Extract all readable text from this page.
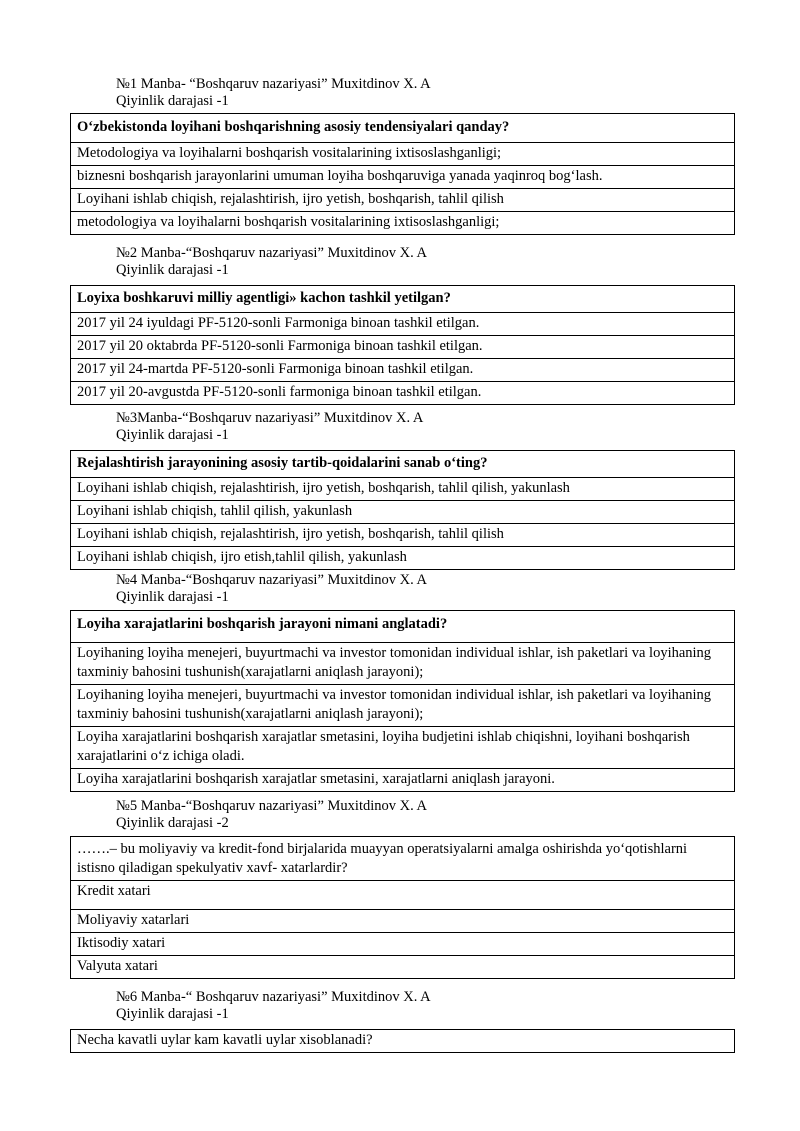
№1 Manba- “Boshqaruv nazariyasi” Muxitdinov X. A
Qiyinlik darajasi -1
O‘zbekistonda loyihani boshqarishning asosiy tendensiyalari qanday?
Metodologiya va loyihalarni boshqarish vositalarining ixtisoslashganligi;
biznesni boshqarish jarayonlarini umuman loyiha boshqaruviga yanada yaqinroq bog‘lash.
Loyihani ishlab chiqish, rejalashtirish, ijro yetish, boshqarish, tahlil qilish
metodologiya va loyihalarni boshqarish vositalarining ixtisoslashganligi;
№2 Manba-“Boshqaruv nazariyasi” Muxitdinov X. A
Qiyinlik darajasi -1
Loyixa boshkaruvi milliy agentligi» kachon tashkil yetilgan?
2017 yil 24 iyuldagi PF-5120-sonli Farmoniga binoan tashkil etilgan.
2017 yil 20 oktabrda PF-5120-sonli Farmoniga binoan tashkil etilgan.
2017 yil 24-martda PF-5120-sonli Farmoniga binoan tashkil etilgan.
2017 yil 20-avgustda PF-5120-sonli farmoniga binoan tashkil etilgan.
№3Manba-“Boshqaruv nazariyasi” Muxitdinov X. A
Qiyinlik darajasi -1
Rejalashtirish jarayonining asosiy tartib-qoidalarini sanab o‘ting?
Loyihani ishlab chiqish, rejalashtirish, ijro yetish, boshqarish, tahlil qilish, yakunlash
Loyihani ishlab chiqish, tahlil qilish, yakunlash
Loyihani ishlab chiqish, rejalashtirish, ijro yetish, boshqarish, tahlil qilish
Loyihani ishlab chiqish, ijro etish,tahlil qilish, yakunlash
№4 Manba-“Boshqaruv nazariyasi” Muxitdinov X. A
Qiyinlik darajasi -1
Loyiha xarajatlarini boshqarish jarayoni nimani anglatadi?
Loyihaning loyiha menejeri, buyurtmachi va investor tomonidan individual ishlar, ish paketlari va loyihaning taxminiy bahosini tushunish(xarajatlarni aniqlash jarayoni);
Loyihaning loyiha menejeri, buyurtmachi va investor tomonidan individual ishlar, ish paketlari va loyihaning taxminiy bahosini tushunish(xarajatlarni aniqlash jarayoni);
Loyiha xarajatlarini boshqarish xarajatlar smetasini, loyiha budjetini ishlab chiqishni, loyihani boshqarish xarajatlarini o‘z ichiga oladi.
Loyiha xarajatlarini boshqarish xarajatlar smetasini, xarajatlarni aniqlash jarayoni.
№5 Manba-“Boshqaruv nazariyasi” Muxitdinov X. A
Qiyinlik darajasi -2
…….– bu moliyaviy va kredit-fond birjalarida muayyan operatsiyalarni amalga oshirishda yo‘qotishlarni istisno qiladigan spekulyativ xavf- xatarlardir?
Kredit xatari
Moliyaviy xatarlari
Iktisodiy xatari
Valyuta xatari
№6 Manba-“ Boshqaruv nazariyasi” Muxitdinov X. A
Qiyinlik darajasi -1
Necha kavatli uylar kam kavatli uylar xisoblanadi?
